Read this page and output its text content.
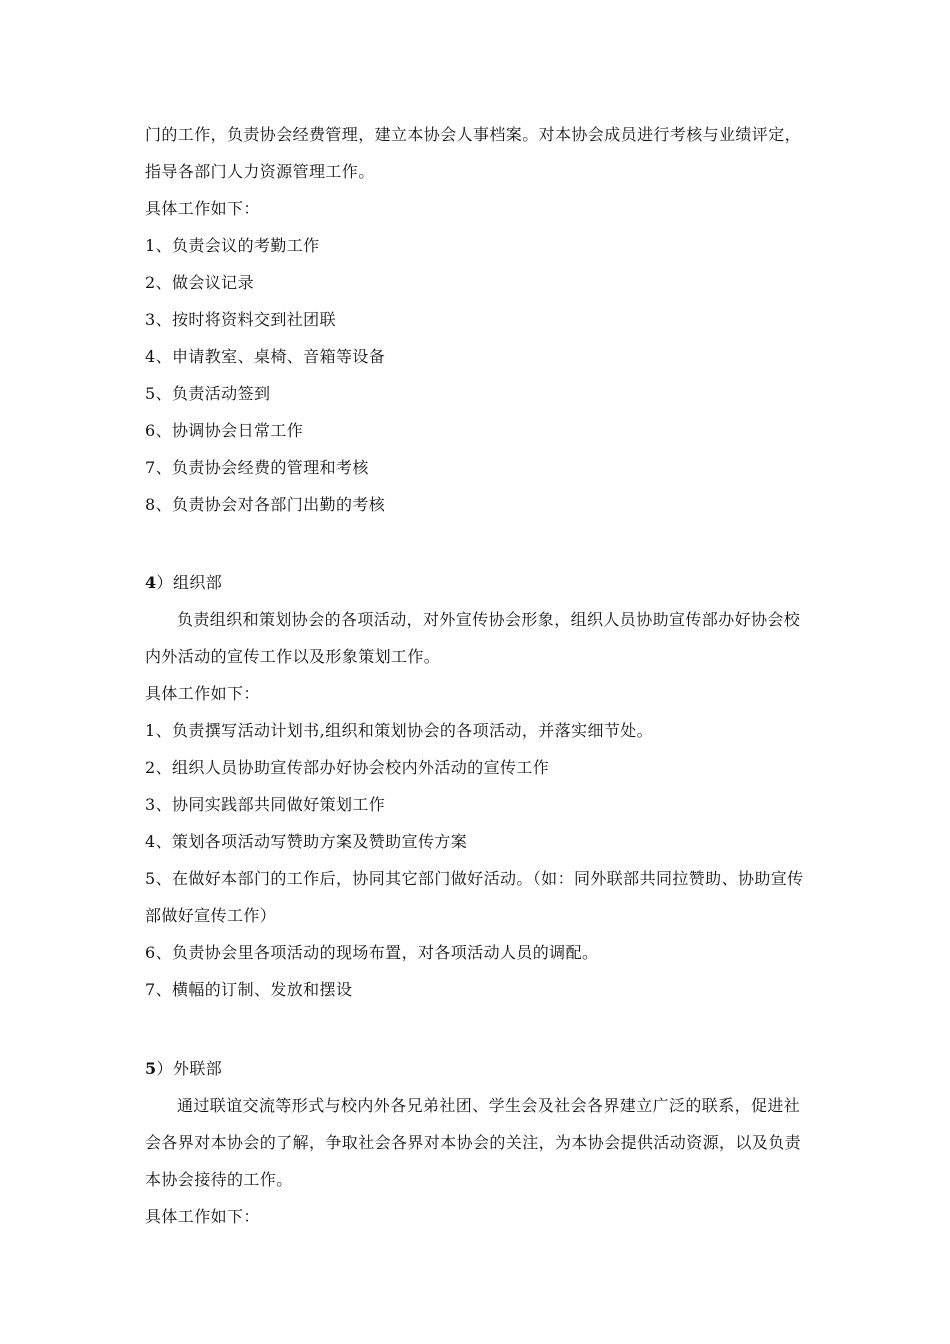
门的工作，负责协会经费管理，建立本协会人事档案。对本协会成员进行考核与业绩评定，
指导各部门人力资源管理工作。
具体工作如下：
1、负责会议的考勤工作
2、做会议记录
3、按时将资料交到社团联
4、申请教室、桌椅、音箱等设备
5、负责活动签到
6、协调协会日常工作
7、负责协会经费的管理和考核
8、负责协会对各部门出勤的考核
4）组织部
负责组织和策划协会的各项活动，对外宣传协会形象，组织人员协助宣传部办好协会校
内外活动的宣传工作以及形象策划工作。
具体工作如下：
1、负责撰写活动计划书,组织和策划协会的各项活动，并落实细节处。
2、组织人员协助宣传部办好协会校内外活动的宣传工作
3、协同实践部共同做好策划工作
4、策划各项活动写赞助方案及赞助宣传方案
5、在做好本部门的工作后，协同其它部门做好活动。（如：同外联部共同拉赞助、协助宣传
部做好宣传工作）
6、负责协会里各项活动的现场布置，对各项活动人员的调配。
7、横幅的订制、发放和摆设
5）外联部
通过联谊交流等形式与校内外各兄弟社团、学生会及社会各界建立广泛的联系，促进社
会各界对本协会的了解，争取社会各界对本协会的关注，为本协会提供活动资源，以及负责
本协会接待的工作。
具体工作如下：
